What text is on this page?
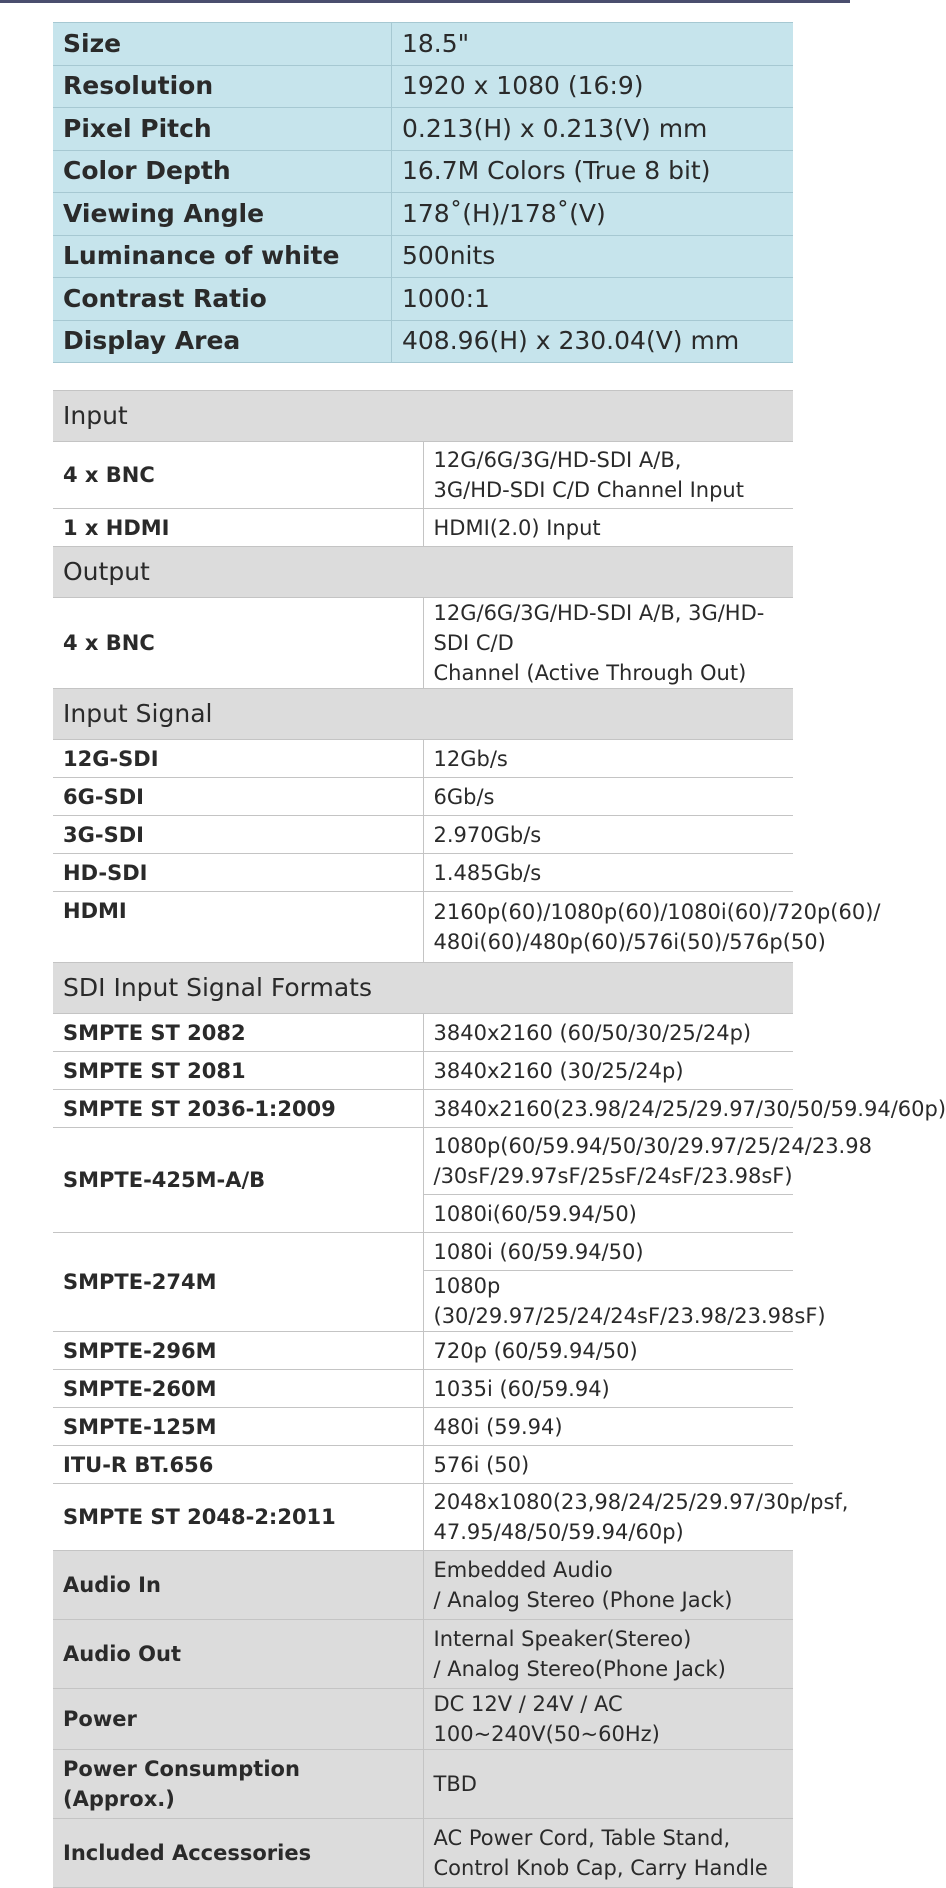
Size	18.5"
Resolution	1920 x 1080 (16:9)
Pixel Pitch	0.213(H) x 0.213(V) mm
Color Depth	16.7M Colors (True 8 bit)
Viewing Angle	178˚(H)/178˚(V)
Luminance of white	500nits
Contrast Ratio	1000:1
Display Area	408.96(H) x 230.04(V) mm
Input	
4 x BNC	12G/6G/3G/HD-SDI A/B,
3G/HD-SDI C/D Channel Input
1 x HDMI	HDMI(2.0) Input
Output	
4 x BNC	12G/6G/3G/HD-SDI A/B, 3G/HD-SDI C/D
Channel (Active Through Out)
Input Signal	
12G-SDI	12Gb/s
6G-SDI	6Gb/s
3G-SDI	2.970Gb/s
HD-SDI	1.485Gb/s
HDMI	2160p(60)/1080p(60)/1080i(60)/720p(60)/
480i(60)/480p(60)/576i(50)/576p(50)
SDI Input Signal Formats	
SMPTE ST 2082	3840x2160 (60/50/30/25/24p)
SMPTE ST 2081	3840x2160 (30/25/24p)
SMPTE ST 2036-1:2009	3840x2160(23.98/24/25/29.97/30/50/59.94/60p)
SMPTE-425M-A/B	1080p(60/59.94/50/30/29.97/25/24/23.98
/30sF/29.97sF/25sF/24sF/23.98sF)
	1080i(60/59.94/50)
SMPTE-274M	1080i (60/59.94/50)
	1080p (30/29.97/25/24/24sF/23.98/23.98sF)
SMPTE-296M	720p (60/59.94/50)
SMPTE-260M	1035i (60/59.94)
SMPTE-125M	480i (59.94)
ITU-R BT.656	576i (50)
SMPTE ST 2048-2:2011	2048x1080(23,98/24/25/29.97/30p/psf,
47.95/48/50/59.94/60p)
Audio In	Embedded Audio
/ Analog Stereo (Phone Jack)
Audio Out	Internal Speaker(Stereo)
/ Analog Stereo(Phone Jack)
Power	DC 12V / 24V / AC 100~240V(50~60Hz)
Power Consumption
(Approx.)	TBD
Included Accessories	AC Power Cord, Table Stand,
Control Knob Cap, Carry Handle
